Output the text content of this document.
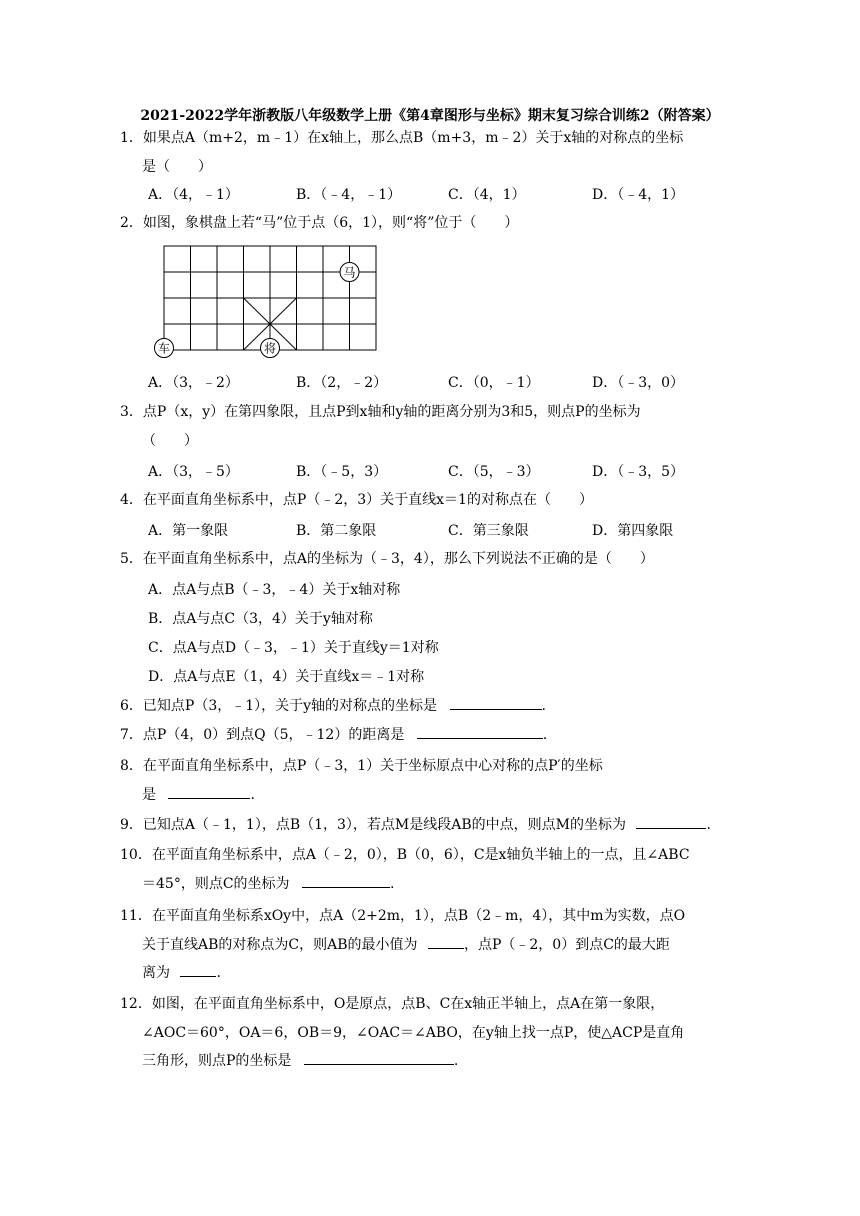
2021-2022学年浙教版八年级数学上册《第4章图形与坐标》期末复习综合训练2（附答案）
1．如果点A（m+2，m﹣1）在x轴上，那么点B（m+3，m﹣2）关于x轴的对称点的坐标
是（　　）
A．（4，﹣1）	B．（﹣4，﹣1）	C．（4，1）	D．（﹣4，1）
2．如图，象棋盘上若“马”位于点（6，1），则“将”位于（　　）
马
将
车
A．（3，﹣2）	B．（2，﹣2）	C．（0，﹣1）	D．（﹣3，0）
3．点P（x，y）在第四象限，且点P到x轴和y轴的距离分别为3和5，则点P的坐标为
（　　）
A．（3，﹣5）	B．（﹣5，3）	C．（5，﹣3）	D．（﹣3，5）
4．在平面直角坐标系中，点P（﹣2，3）关于直线x＝1的对称点在（　　）
A．第一象限	B．第二象限	C．第三象限	D．第四象限
5．在平面直角坐标系中，点A的坐标为（﹣3，4），那么下列说法不正确的是（　　）
A．点A与点B（﹣3，﹣4）关于x轴对称
B．点A与点C（3，4）关于y轴对称
C．点A与点D（﹣3，﹣1）关于直线y＝1对称
D．点A与点E（1，4）关于直线x＝﹣1对称
6．已知点P（3，﹣1），关于y轴的对称点的坐标是	.
7．点P（4，0）到点Q（5，﹣12）的距离是	.
8．在平面直角坐标系中，点P（﹣3，1）关于坐标原点中心对称的点P′的坐标
是	.
9．已知点A（﹣1，1），点B（1，3），若点M是线段AB的中点，则点M的坐标为	.
10．在平面直角坐标系中，点A（﹣2，0），B（0，6），C是x轴负半轴上的一点，且∠ABC
＝45°，则点C的坐标为	.
11．在平面直角坐标系xOy中，点A（2+2m，1），点B（2﹣m，4），其中m为实数，点O
关于直线AB的对称点为C，则AB的最小值为	，点P（﹣2，0）到点C的最大距
离为	.
12．如图，在平面直角坐标系中，O是原点，点B、C在x轴正半轴上，点A在第一象限，
∠AOC＝60°，OA＝6，OB＝9，∠OAC＝∠ABO，在y轴上找一点P，使△ACP是直角
三角形，则点P的坐标是	.
